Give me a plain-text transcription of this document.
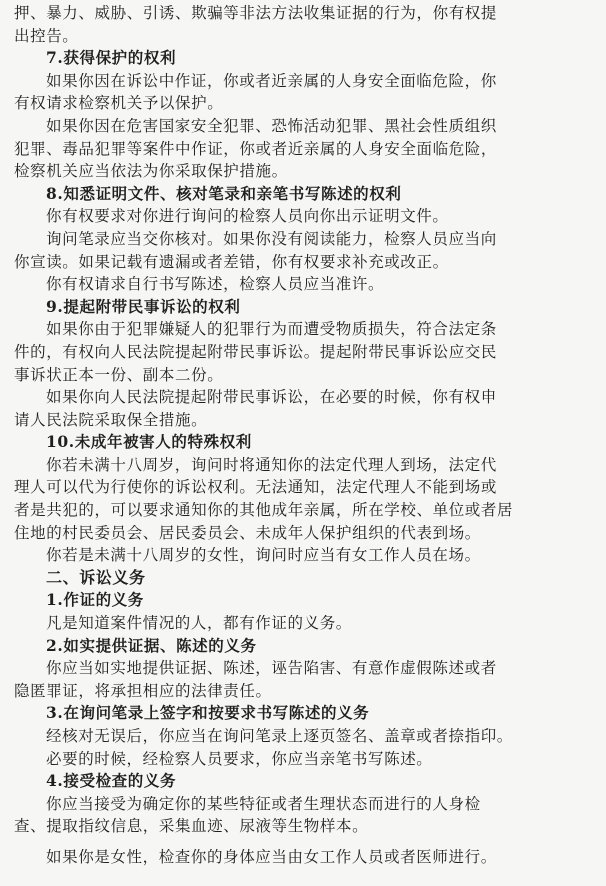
押、暴力、威胁、引诱、欺骗等非法方法收集证据的行为，你有权提
出控告。
7.获得保护的权利
如果你因在诉讼中作证，你或者近亲属的人身安全面临危险，你
有权请求检察机关予以保护。
如果你因在危害国家安全犯罪、恐怖活动犯罪、黑社会性质组织
犯罪、毒品犯罪等案件中作证，你或者近亲属的人身安全面临危险，
检察机关应当依法为你采取保护措施。
8.知悉证明文件、核对笔录和亲笔书写陈述的权利
你有权要求对你进行询问的检察人员向你出示证明文件。
询问笔录应当交你核对。如果你没有阅读能力，检察人员应当向
你宣读。如果记载有遗漏或者差错，你有权要求补充或改正。
你有权请求自行书写陈述，检察人员应当准许。
9.提起附带民事诉讼的权利
如果你由于犯罪嫌疑人的犯罪行为而遭受物质损失，符合法定条
件的，有权向人民法院提起附带民事诉讼。提起附带民事诉讼应交民
事诉状正本一份、副本二份。
如果你向人民法院提起附带民事诉讼，在必要的时候，你有权申
请人民法院采取保全措施。
10.未成年被害人的特殊权利
你若未满十八周岁，询问时将通知你的法定代理人到场，法定代
理人可以代为行使你的诉讼权利。无法通知，法定代理人不能到场或
者是共犯的，可以要求通知你的其他成年亲属，所在学校、单位或者居
住地的村民委员会、居民委员会、未成年人保护组织的代表到场。
你若是未满十八周岁的女性，询问时应当有女工作人员在场。
二、诉讼义务
1.作证的义务
凡是知道案件情况的人，都有作证的义务。
2.如实提供证据、陈述的义务
你应当如实地提供证据、陈述，诬告陷害、有意作虚假陈述或者
隐匿罪证，将承担相应的法律责任。
3.在询问笔录上签字和按要求书写陈述的义务
经核对无误后，你应当在询问笔录上逐页签名、盖章或者捺指印。
必要的时候，经检察人员要求，你应当亲笔书写陈述。
4.接受检查的义务
你应当接受为确定你的某些特征或者生理状态而进行的人身检
查、提取指纹信息，采集血迹、尿液等生物样本。
如果你是女性，检查你的身体应当由女工作人员或者医师进行。
